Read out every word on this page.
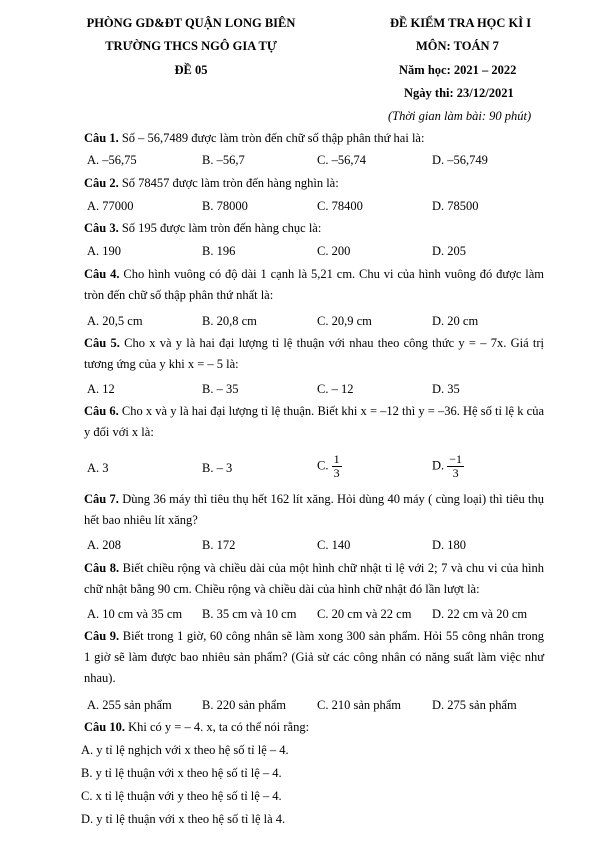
PHÒNG GD&ĐT QUẬN LONG BIÊN
TRƯỜNG THCS NGÔ GIA TỰ
ĐỀ 05
ĐỀ KIỂM TRA HỌC KÌ I
MÔN: TOÁN 7
Năm học: 2021 – 2022
Ngày thi: 23/12/2021
(Thời gian làm bài: 90 phút)
Câu 1. Số – 56,7489 được làm tròn đến chữ số thập phân thứ hai là:
A. –56,75	B. –56,7	C. –56,74	D. –56,749
Câu 2. Số 78457 được làm tròn đến hàng nghìn là:
A. 77000	B. 78000	C. 78400	D. 78500
Câu 3. Số 195 được làm tròn đến hàng chục là:
A. 190	B. 196	C. 200	D. 205
Câu 4. Cho hình vuông có độ dài 1 cạnh là 5,21 cm. Chu vi của hình vuông đó được làm tròn đến chữ số thập phân thứ nhất là:
A. 20,5 cm	B. 20,8 cm	C. 20,9 cm	D. 20 cm
Câu 5. Cho x và y là hai đại lượng tỉ lệ thuận với nhau theo công thức y = – 7x. Giá trị tương ứng của y khi x = – 5 là:
A. 12	B. – 35	C. – 12	D. 35
Câu 6. Cho x và y là hai đại lượng tỉ lệ thuận. Biết khi x = –12 thì y = –36. Hệ số tỉ lệ k của y đối với x là:
A. 3	B. – 3	C. $\frac{1}{3}$	D. $\frac{-1}{3}$
Câu 7. Dùng 36 máy thì tiêu thụ hết 162 lít xăng. Hỏi dùng 40 máy ( cùng loại) thì tiêu thụ hết bao nhiêu lít xăng?
A. 208	B. 172	C. 140	D. 180
Câu 8. Biết chiều rộng và chiều dài của một hình chữ nhật tỉ lệ với 2; 7 và chu vi của hình chữ nhật bằng 90 cm. Chiều rộng và chiều dài của hình chữ nhật đó lần lượt là:
A. 10 cm và 35 cm B. 35 cm và 10 cm C. 20 cm và 22 cm D. 22 cm và 20 cm
Câu 9. Biết trong 1 giờ, 60 công nhân sẽ làm xong 300 sản phẩm. Hỏi 55 công nhân trong 1 giờ sẽ làm được bao nhiêu sản phẩm? (Giả sử các công nhân có năng suất làm việc như nhau).
A. 255 sản phẩm B. 220 sản phẩm C. 210 sản phẩm D. 275 sản phẩm
Câu 10. Khi có y = – 4. x, ta có thể nói rằng:
A. y tỉ lệ nghịch với x theo hệ số tỉ lệ – 4.
B. y tỉ lệ thuận với x theo hệ số tỉ lệ – 4.
C. x tỉ lệ thuận với y theo hệ số tỉ lệ – 4.
D. y tỉ lệ thuận với x theo hệ số tỉ lệ là 4.
